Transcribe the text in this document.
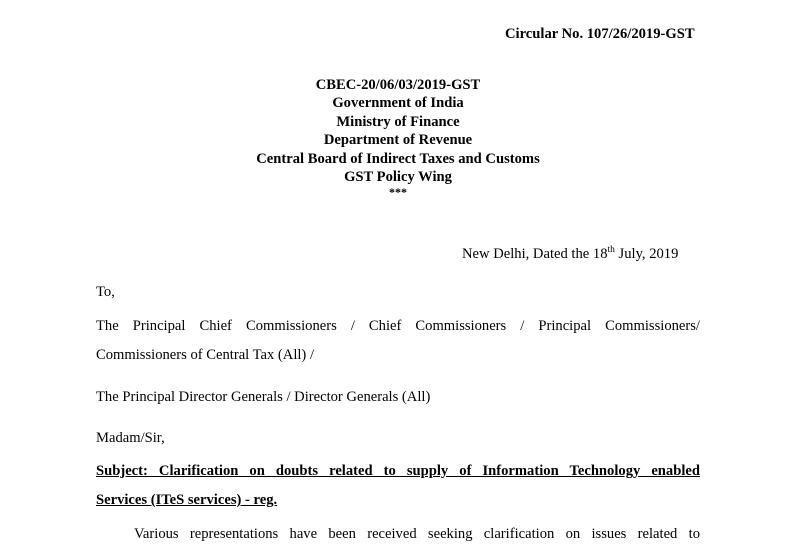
Circular No. 107/26/2019-GST
CBEC-20/06/03/2019-GST
Government of India
Ministry of Finance
Department of Revenue
Central Board of Indirect Taxes and Customs
GST Policy Wing
***
New Delhi, Dated the 18th July, 2019
To,
The Principal Chief Commissioners / Chief Commissioners / Principal Commissioners/
Commissioners of Central Tax (All) /
The Principal Director Generals / Director Generals (All)
Madam/Sir,
Subject: Clarification on doubts related to supply of Information Technology enabled
Services (ITeS services) - reg.
Various representations have been received seeking clarification on issues related to
